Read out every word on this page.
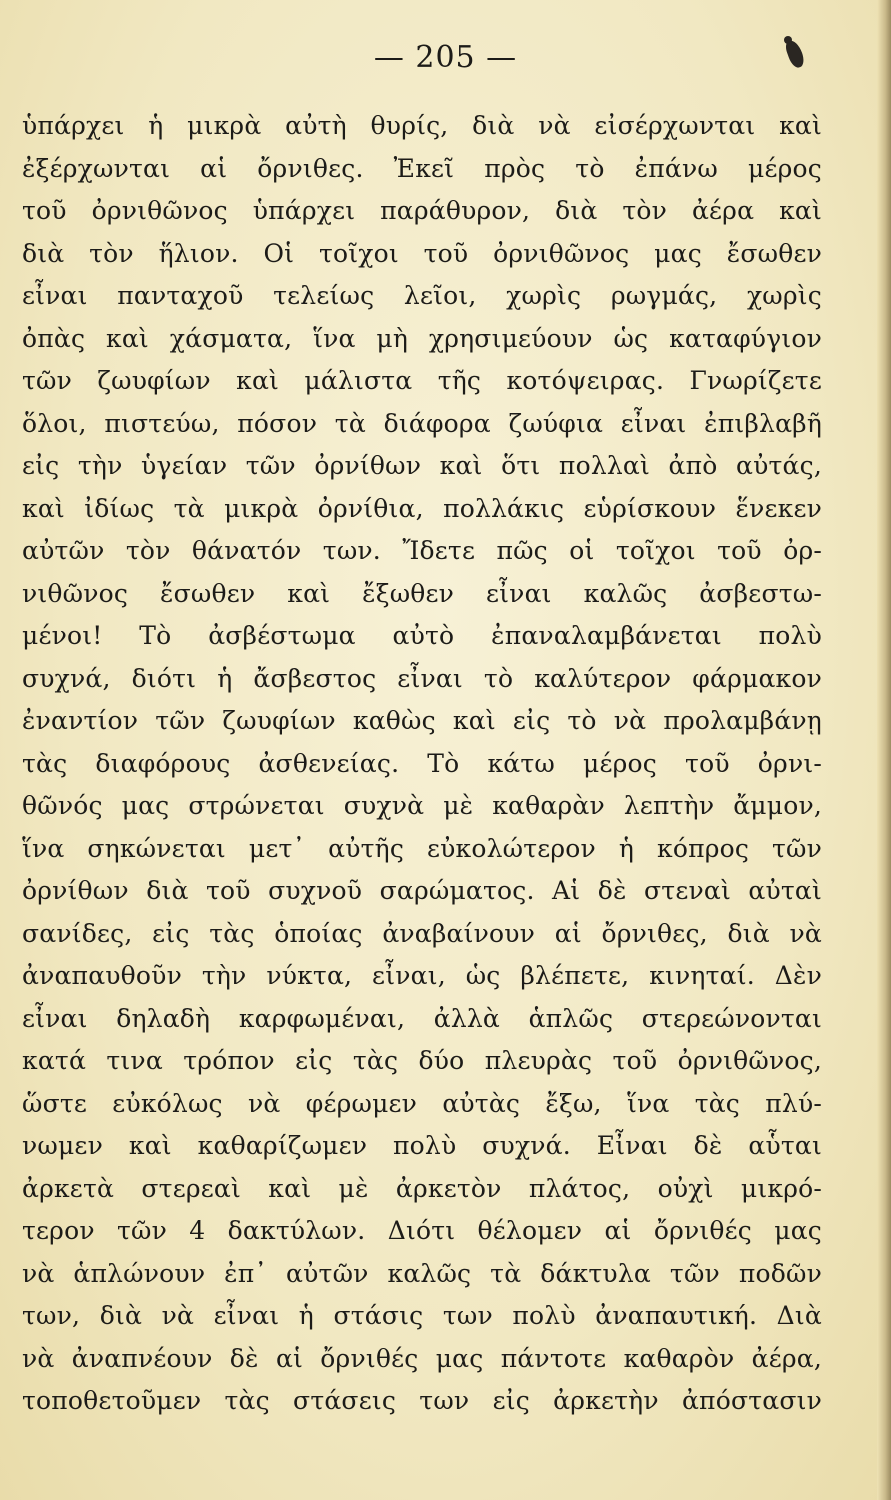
— 205 —
ὑπάρχει ἡ μικρὰ αὐτὴ θυρίς, διὰ νὰ εἰσέρχωνται καὶ
ἐξέρχωνται αἱ ὄρνιθες. Ἐκεῖ πρὸς τὸ ἐπάνω μέρος
τοῦ ὀρνιθῶνος ὑπάρχει παράθυρον, διὰ τὸν ἀέρα καὶ
διὰ τὸν ἥλιον. Οἱ τοῖχοι τοῦ ὀρνιθῶνος μας ἔσωθεν
εἶναι πανταχοῦ τελείως λεῖοι, χωρὶς ρωγμάς, χωρὶς
ὀπὰς καὶ χάσματα, ἵνα μὴ χρησιμεύουν ὡς καταφύγιον
τῶν ζωυφίων καὶ μάλιστα τῆς κοτόψειρας. Γνωρίζετε
ὅλοι, πιστεύω, πόσον τὰ διάφορα ζωύφια εἶναι ἐπιβλαβῆ
εἰς τὴν ὑγείαν τῶν ὀρνίθων καὶ ὅτι πολλαὶ ἀπὸ αὐτάς,
καὶ ἰδίως τὰ μικρὰ ὀρνίθια, πολλάκις εὑρίσκουν ἕνεκεν
αὐτῶν τὸν θάνατόν των. Ἴδετε πῶς οἱ τοῖχοι τοῦ ὀρ-
νιθῶνος ἔσωθεν καὶ ἔξωθεν εἶναι καλῶς ἀσβεστω-
μένοι! Τὸ ἀσβέστωμα αὐτὸ ἐπαναλαμβάνεται πολὺ
συχνά, διότι ἡ ἄσβεστος εἶναι τὸ καλύτερον φάρμακον
ἐναντίον τῶν ζωυφίων καθὼς καὶ εἰς τὸ νὰ προλαμβάνῃ
τὰς διαφόρους ἀσθενείας. Τὸ κάτω μέρος τοῦ ὀρνι-
θῶνός μας στρώνεται συχνὰ μὲ καθαρὰν λεπτὴν ἄμμον,
ἵνα σηκώνεται μετ᾽ αὐτῆς εὐκολώτερον ἡ κόπρος τῶν
ὀρνίθων διὰ τοῦ συχνοῦ σαρώματος. Αἱ δὲ στεναὶ αὐταὶ
σανίδες, εἰς τὰς ὁποίας ἀναβαίνουν αἱ ὄρνιθες, διὰ νὰ
ἀναπαυθοῦν τὴν νύκτα, εἶναι, ὡς βλέπετε, κινηταί. Δὲν
εἶναι δηλαδὴ καρφωμέναι, ἀλλὰ ἁπλῶς στερεώνονται
κατά τινα τρόπον εἰς τὰς δύο πλευρὰς τοῦ ὀρνιθῶνος,
ὥστε εὐκόλως νὰ φέρωμεν αὐτὰς ἔξω, ἵνα τὰς πλύ-
νωμεν καὶ καθαρίζωμεν πολὺ συχνά. Εἶναι δὲ αὗται
ἀρκετὰ στερεαὶ καὶ μὲ ἀρκετὸν πλάτος, οὐχὶ μικρό-
τερον τῶν 4 δακτύλων. Διότι θέλομεν αἱ ὄρνιθές μας
νὰ ἁπλώνουν ἐπ᾽ αὐτῶν καλῶς τὰ δάκτυλα τῶν ποδῶν
των, διὰ νὰ εἶναι ἡ στάσις των πολὺ ἀναπαυτική. Διὰ
νὰ ἀναπνέουν δὲ αἱ ὄρνιθές μας πάντοτε καθαρὸν ἀέρα,
τοποθετοῦμεν τὰς στάσεις των εἰς ἀρκετὴν ἀπόστασιν
